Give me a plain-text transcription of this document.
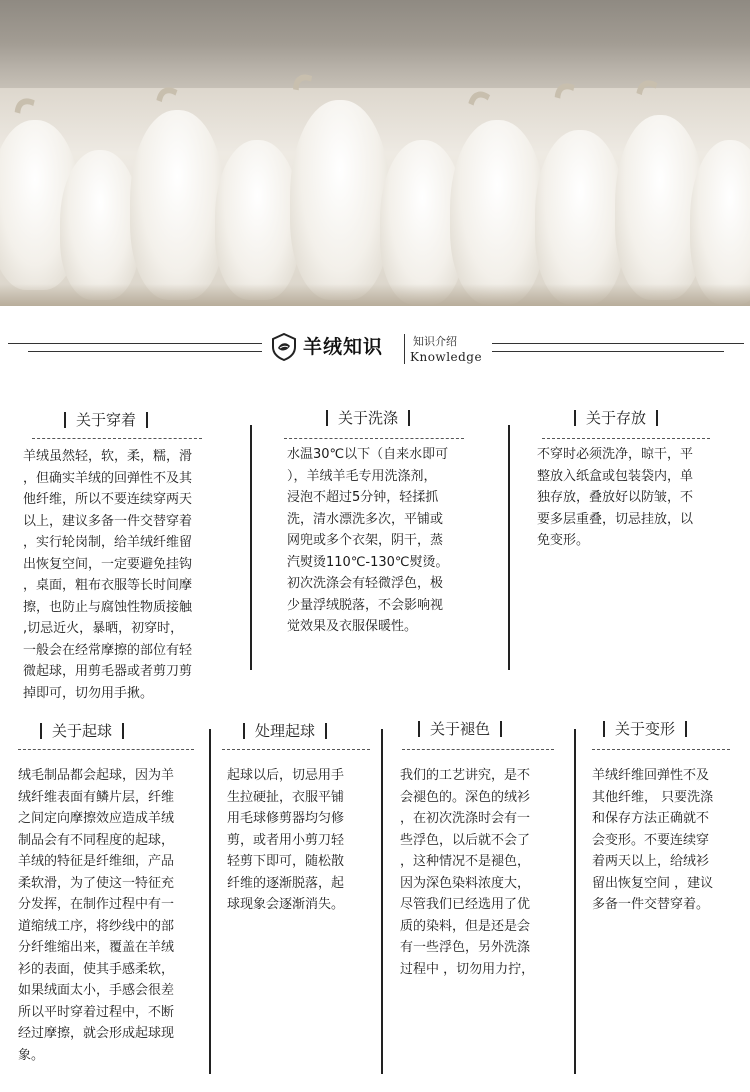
羊绒知识	知识介绍
Knowledge
关于穿着
羊绒虽然轻，软，柔，糯，滑
，但确实羊绒的回弹性不及其
他纤维，所以不要连续穿两天
以上，建议多备一件交替穿着
，实行轮岗制，给羊绒纤维留
出恢复空间，一定要避免挂钩
，桌面，粗布衣服等长时间摩
擦，也防止与腐蚀性物质接触
,切忌近火，暴晒，初穿时，
一般会在经常摩擦的部位有轻
微起球，用剪毛器或者剪刀剪
掉即可，切勿用手揪。
关于洗涤
水温30℃以下（自来水即可
），羊绒羊毛专用洗涤剂，
浸泡不超过5分钟，轻揉抓
洗，清水漂洗多次，平铺或
网兜或多个衣架，阴干，蒸
汽熨烫110℃-130℃熨烫。
初次洗涤会有轻微浮色，极
少量浮绒脱落，不会影响视
觉效果及衣服保暖性。
关于存放
不穿时必须洗净，晾干，平
整放入纸盒或包装袋内，单
独存放，叠放好以防皱，不
要多层重叠，切忌挂放，以
免变形。
关于起球
绒毛制品都会起球，因为羊
绒纤维表面有鳞片层，纤维
之间定向摩擦效应造成羊绒
制品会有不同程度的起球，
羊绒的特征是纤维细，产品
柔软滑，为了使这一特征充
分发挥，在制作过程中有一
道缩绒工序，将纱线中的部
分纤维缩出来，覆盖在羊绒
衫的表面，使其手感柔软，
如果绒面太小，手感会很差
所以平时穿着过程中，不断
经过摩擦，就会形成起球现
象。
处理起球
起球以后，切忌用手
生拉硬扯，衣服平铺
用毛球修剪器均匀修
剪，或者用小剪刀轻
轻剪下即可，随松散
纤维的逐渐脱落，起
球现象会逐渐消失。
关于褪色
我们的工艺讲究，是不
会褪色的。深色的绒衫
，在初次洗涤时会有一
些浮色，以后就不会了
，这种情况不是褪色，
因为深色染料浓度大，
尽管我们已经选用了优
质的染料，但是还是会
有一些浮色，另外洗涤
过程中 ，切勿用力拧，
关于变形
羊绒纤维回弹性不及
其他纤维， 只要洗涤
和保存方法正确就不
会变形。不要连续穿
着两天以上，给绒衫
留出恢复空间 ，建议
多备一件交替穿着。
